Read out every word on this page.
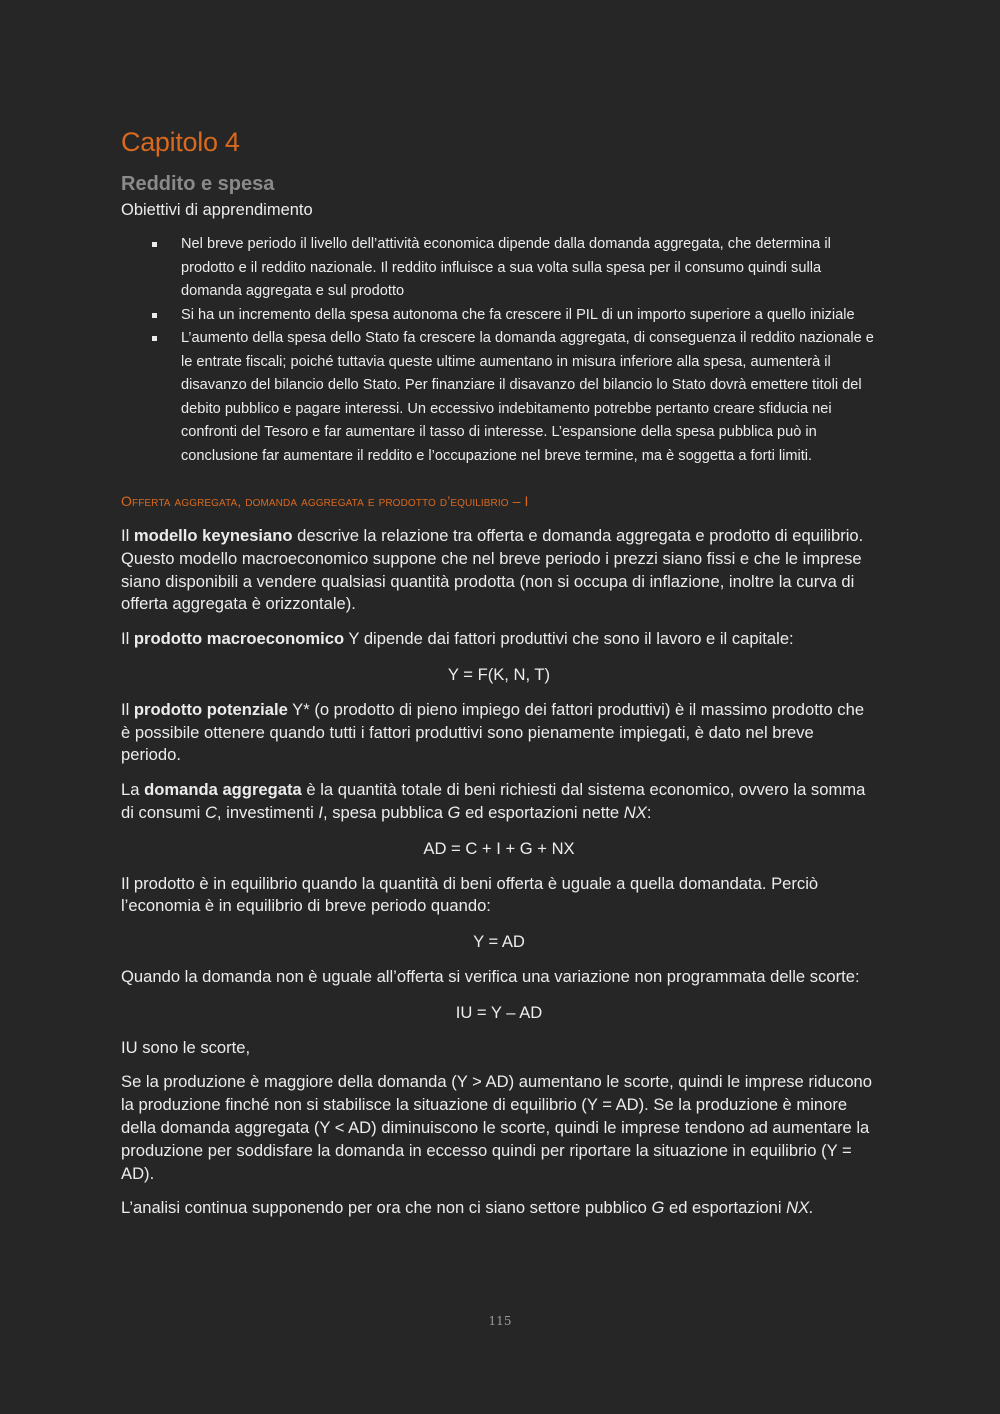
Capitolo 4
Reddito e spesa
Obiettivi di apprendimento
Nel breve periodo il livello dell’attività economica dipende dalla domanda aggregata, che determina il prodotto e il reddito nazionale. Il reddito influisce a sua volta sulla spesa per il consumo quindi sulla domanda aggregata e sul prodotto
Si ha un incremento della spesa autonoma che fa crescere il PIL di un importo superiore a quello iniziale
L’aumento della spesa dello Stato fa crescere la domanda aggregata, di conseguenza il reddito nazionale e le entrate fiscali; poiché tuttavia queste ultime aumentano in misura inferiore alla spesa, aumenterà il disavanzo del bilancio dello Stato. Per finanziare il disavanzo del bilancio lo Stato dovrà emettere titoli del debito pubblico e pagare interessi. Un eccessivo indebitamento potrebbe pertanto creare sfiducia nei confronti del Tesoro e far aumentare il tasso di interesse. L’espansione della spesa pubblica può in conclusione far aumentare il reddito e l’occupazione nel breve termine, ma è soggetta a forti limiti.
Offerta aggregata, domanda aggregata e prodotto d’equilibrio – I

Il modello keynesiano descrive la relazione tra offerta e domanda aggregata e prodotto di equilibrio. Questo modello macroeconomico suppone che nel breve periodo i prezzi siano fissi e che le imprese siano disponibili a vendere qualsiasi quantità prodotta (non si occupa di inflazione, inoltre la curva di offerta aggregata è orizzontale).

Il prodotto macroeconomico Y dipende dai fattori produttivi che sono il lavoro e il capitale:

Y = F(K, N, T)

Il prodotto potenziale Y* (o prodotto di pieno impiego dei fattori produttivi) è il massimo prodotto che è possibile ottenere quando tutti i fattori produttivi sono pienamente impiegati, è dato nel breve periodo.

La domanda aggregata è la quantità totale di beni richiesti dal sistema economico, ovvero la somma di consumi C, investimenti I, spesa pubblica G ed esportazioni nette NX:

AD = C + I + G + NX

Il prodotto è in equilibrio quando la quantità di beni offerta è uguale a quella domandata. Perciò l’economia è in equilibrio di breve periodo quando:

Y = AD

Quando la domanda non è uguale all’offerta si verifica una variazione non programmata delle scorte:

IU = Y – AD

IU sono le scorte,

Se la produzione è maggiore della domanda (Y > AD) aumentano le scorte, quindi le imprese riducono la produzione finché non si stabilisce la situazione di equilibrio (Y = AD). Se la produzione è minore della domanda aggregata (Y < AD) diminuiscono le scorte, quindi le imprese tendono ad aumentare la produzione per soddisfare la domanda in eccesso quindi per riportare la situazione in equilibrio (Y = AD).

L’analisi continua supponendo per ora che non ci siano settore pubblico G ed esportazioni NX.

115
